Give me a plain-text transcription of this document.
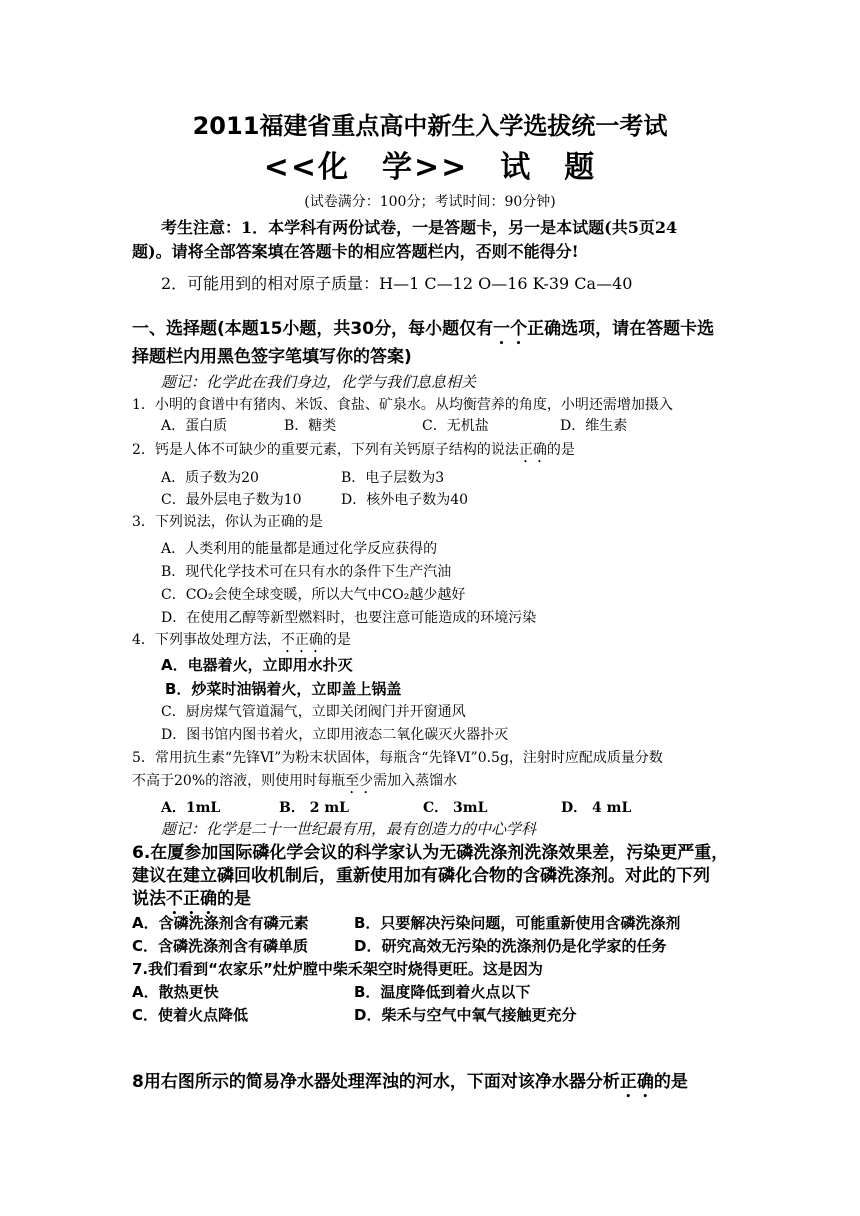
2011福建省重点高中新生入学选拔统一考试
<<化　学>>　试　题
(试卷满分：100分；考试时间：90分钟)
考生注意：1．本学科有两份试卷，一是答题卡，另一是本试题(共5页24
题)。请将全部答案填在答题卡的相应答题栏内，否则不能得分!
2．可能用到的相对原子质量：H—1 C—12 O—16 K-39 Ca—40
一、选择题(本题15小题，共30分，每小题仅有一个正确选项，请在答题卡选
择题栏内用黑色签字笔填写你的答案)
题记：化学此在我们身边，化学与我们息息相关
1．小明的食谱中有猪肉、米饭、食盐、矿泉水。从均衡营养的角度，小明还需增加摄入
A．蛋白质	B．糖类	C．无机盐	D．维生素
2．钙是人体不可缺少的重要元素，下列有关钙原子结构的说法正确的是
A．质子数为20	B．电子层数为3
C．最外层电子数为10	D．核外电子数为40
3．下列说法，你认为正确的是
A．人类利用的能量都是通过化学反应获得的
B．现代化学技术可在只有水的条件下生产汽油
C．CO₂会使全球变暖，所以大气中CO₂越少越好
D．在使用乙醇等新型燃料时，也要注意可能造成的环境污染
4．下列事故处理方法，不正确的是
A．电器着火，立即用水扑灭
B．炒菜时油锅着火，立即盖上锅盖
C．厨房煤气管道漏气，立即关闭阀门并开窗通风
D．图书馆内图书着火，立即用液态二氧化碳灭火器扑灭
5．常用抗生素“先锋Ⅵ”为粉末状固体，每瓶含“先锋Ⅵ”0.5g，注射时应配成质量分数
不高于20%的溶液，则使用时每瓶至少需加入蒸馏水
A．1mL	B． 2 mL	C． 3mL	D． 4 mL
题记：化学是二十一世纪最有用，最有创造力的中心学科
6.在厦参加国际磷化学会议的科学家认为无磷洗涤剂洗涤效果差，污染更严重，
建议在建立磷回收机制后，重新使用加有磷化合物的含磷洗涤剂。对此的下列
说法不正确的是
A．含磷洗涤剂含有磷元素	B．只要解决污染问题，可能重新使用含磷洗涤剂
C．含磷洗涤剂含有磷单质	D．研究高效无污染的洗涤剂仍是化学家的任务
7.我们看到“农家乐”灶炉膛中柴禾架空时烧得更旺。这是因为
A．散热更快	B．温度降低到着火点以下
C．使着火点降低	D．柴禾与空气中氧气接触更充分
8用右图所示的简易净水器处理浑浊的河水，下面对该净水器分析正确的是
